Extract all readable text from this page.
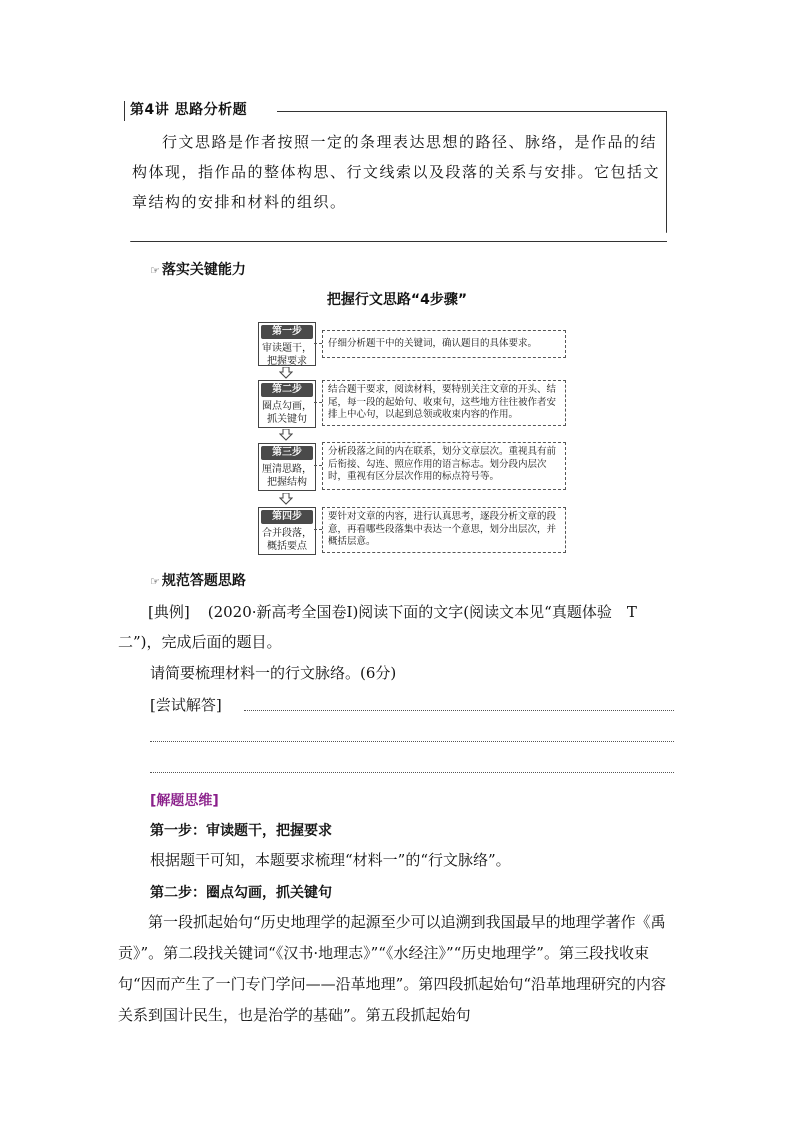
第4讲 思路分析题
行文思路是作者按照一定的条理表达思想的路径、脉络，是作品的结构体现，指作品的整体构思、行文线索以及段落的关系与安排。它包括文章结构的安排和材料的组织。
☞ 落实关键能力
把握行文思路“4步骤”
第一步
审读题干，把握要求
仔细分析题干中的关键词，确认题目的具体要求。
第二步
圈点勾画，抓关键句
结合题干要求，阅读材料，要特别关注文章的开头、结尾，每一段的起始句、收束句，这些地方往往被作者安排上中心句，以起到总领或收束内容的作用。
第三步
厘清思路，把握结构
分析段落之间的内在联系，划分文章层次。重视具有前后衔接、勾连、照应作用的语言标志。划分段内层次时，重视有区分层次作用的标点符号等。
第四步
合并段落，概括要点
要针对文章的内容，进行认真思考，逐段分析文章的段意，再看哪些段落集中表达一个意思，划分出层次，并概括层意。
☞ 规范答题思路
[典例] (2020·新高考全国卷Ⅰ)阅读下面的文字(阅读文本见“真题体验　T二”)，完成后面的题目。
请简要梳理材料一的行文脉络。(6分)
[尝试解答]
[解题思维]
第一步：审读题干，把握要求
根据题干可知，本题要求梳理“材料一”的“行文脉络”。
第二步：圈点勾画，抓关键句
第一段抓起始句“历史地理学的起源至少可以追溯到我国最早的地理学著作《禹贡》”。第二段找关键词“《汉书·地理志》”“《水经注》”“历史地理学”。第三段找收束句“因而产生了一门专门学问——沿革地理”。第四段抓起始句“沿革地理研究的内容关系到国计民生，也是治学的基础”。第五段抓起始句
